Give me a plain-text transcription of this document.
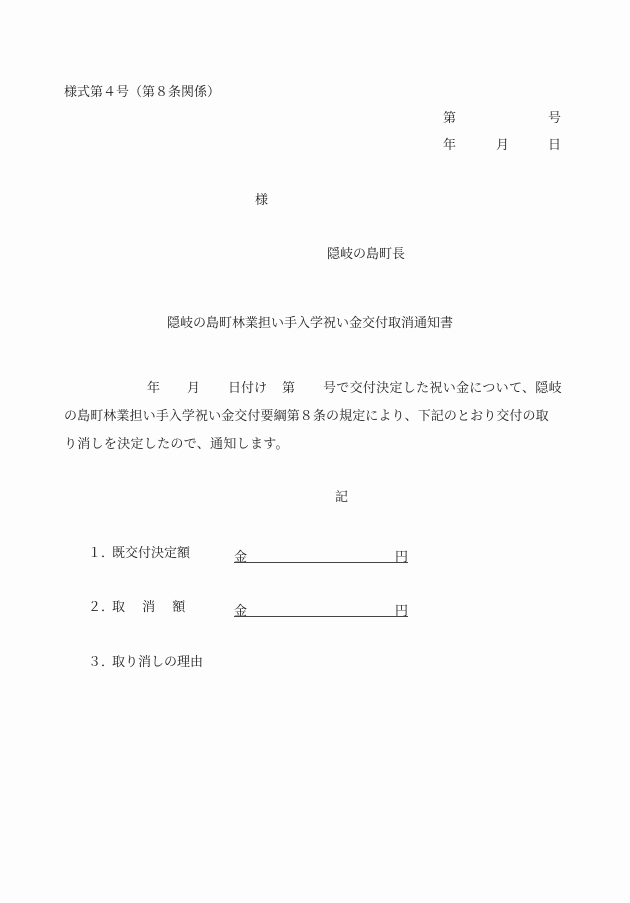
様式第４号（第８条関係）
第	号
年	月	日
様
隠岐の島町長
隠岐の島町林業担い手入学祝い金交付取消通知書
年 月 日付け 第 号で交付決定した祝い金について、隠岐
の島町林業担い手入学祝い金交付要綱第８条の規定により、下記のとおり交付の取
り消しを決定したので、通知します。
記
１．
既交付決定額	金	円
２．
取　 消　 額	金	円
３．
取り消しの理由
